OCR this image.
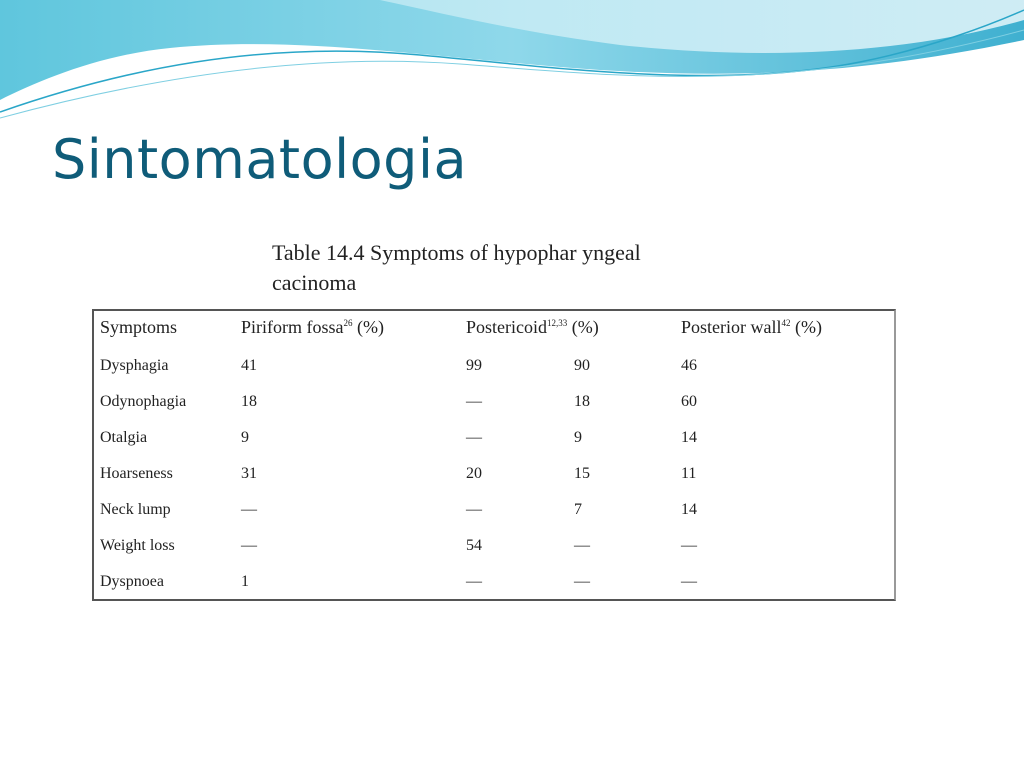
Sintomatologia
Table 14.4 Symptoms of hypophar yngeal
cacinoma
Symptoms	Piriform fossa$^{26}$ (%)	Postericoid$^{12,33}$ (%)	Posterior wall$^{42}$ (%)
Dysphagia	41	99	90	46
Odynophagia	18	—	18	60
Otalgia	9	—	9	14
Hoarseness	31	20	15	11
Neck lump	—	—	7	14
Weight loss	—	54	—	—
Dyspnoea	1	—	—	—
